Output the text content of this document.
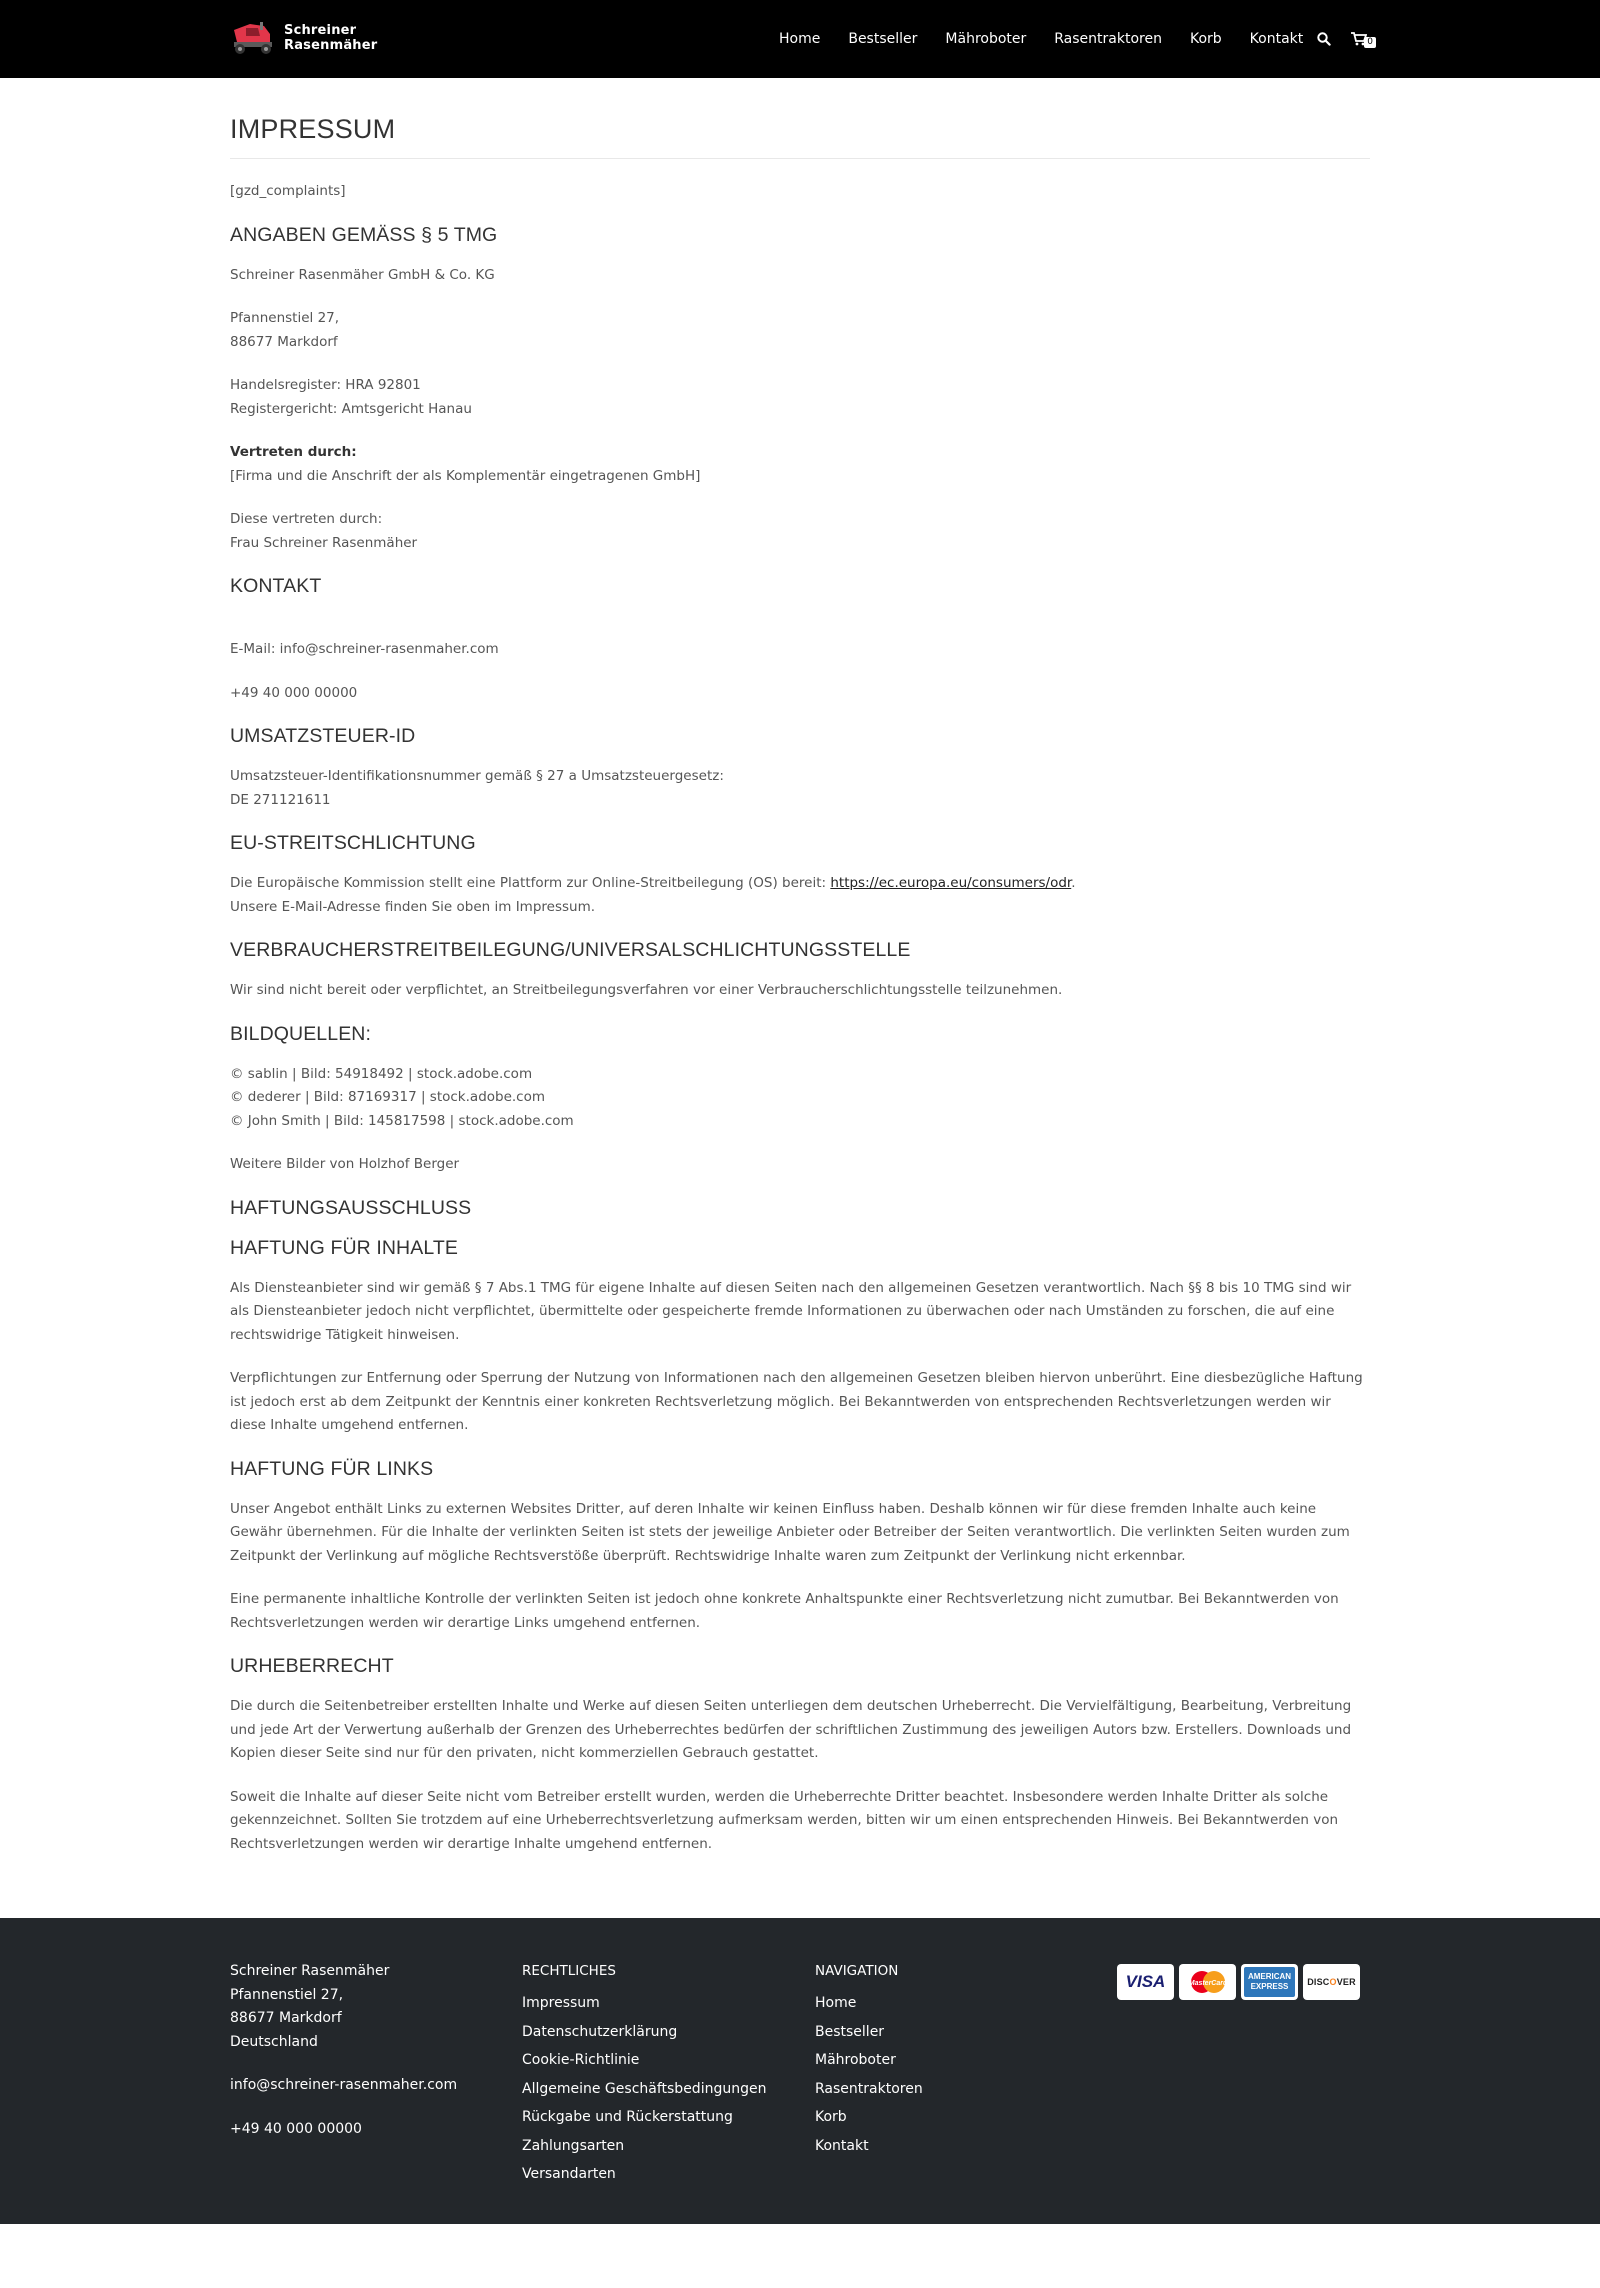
Schreiner
Rasenmäher	Home Bestseller Mähroboter Rasentraktoren Korb Kontakt	0
IMPRESSUM

[gzd_complaints]

ANGABEN GEMÄSS § 5 TMG

Schreiner Rasenmäher GmbH & Co. KG

Pfannenstiel 27,
88677 Markdorf

Handelsregister: HRA 92801
Registergericht: Amtsgericht Hanau

Vertreten durch:
[Firma und die Anschrift der als Komplementär eingetragenen GmbH]

Diese vertreten durch:
Frau Schreiner Rasenmäher

KONTAKT

E-Mail: info@schreiner-rasenmaher.com

+49 40 000 00000

UMSATZSTEUER-ID

Umsatzsteuer-Identifikationsnummer gemäß § 27 a Umsatzsteuergesetz:
DE 271121611

EU-STREITSCHLICHTUNG

Die Europäische Kommission stellt eine Plattform zur Online-Streitbeilegung (OS) bereit: https://ec.europa.eu/consumers/odr.
Unsere E-Mail-Adresse finden Sie oben im Impressum.

VERBRAUCHERSTREITBEILEGUNG/UNIVERSALSCHLICHTUNGSSTELLE

Wir sind nicht bereit oder verpflichtet, an Streitbeilegungsverfahren vor einer Verbraucherschlichtungsstelle teilzunehmen.

BILDQUELLEN:

© sablin | Bild: 54918492 | stock.adobe.com
© dederer | Bild: 87169317 | stock.adobe.com
© John Smith | Bild: 145817598 | stock.adobe.com

Weitere Bilder von Holzhof Berger

HAFTUNGSAUSSCHLUSS
HAFTUNG FÜR INHALTE

Als Diensteanbieter sind wir gemäß § 7 Abs.1 TMG für eigene Inhalte auf diesen Seiten nach den allgemeinen Gesetzen verantwortlich. Nach §§ 8 bis 10 TMG sind wir als Diensteanbieter jedoch nicht verpflichtet, übermittelte oder gespeicherte fremde Informationen zu überwachen oder nach Umständen zu forschen, die auf eine rechtswidrige Tätigkeit hinweisen.

Verpflichtungen zur Entfernung oder Sperrung der Nutzung von Informationen nach den allgemeinen Gesetzen bleiben hiervon unberührt. Eine diesbezügliche Haftung ist jedoch erst ab dem Zeitpunkt der Kenntnis einer konkreten Rechtsverletzung möglich. Bei Bekanntwerden von entsprechenden Rechtsverletzungen werden wir diese Inhalte umgehend entfernen.

HAFTUNG FÜR LINKS

Unser Angebot enthält Links zu externen Websites Dritter, auf deren Inhalte wir keinen Einfluss haben. Deshalb können wir für diese fremden Inhalte auch keine Gewähr übernehmen. Für die Inhalte der verlinkten Seiten ist stets der jeweilige Anbieter oder Betreiber der Seiten verantwortlich. Die verlinkten Seiten wurden zum Zeitpunkt der Verlinkung auf mögliche Rechtsverstöße überprüft. Rechtswidrige Inhalte waren zum Zeitpunkt der Verlinkung nicht erkennbar.

Eine permanente inhaltliche Kontrolle der verlinkten Seiten ist jedoch ohne konkrete Anhaltspunkte einer Rechtsverletzung nicht zumutbar. Bei Bekanntwerden von Rechtsverletzungen werden wir derartige Links umgehend entfernen.

URHEBERRECHT

Die durch die Seitenbetreiber erstellten Inhalte und Werke auf diesen Seiten unterliegen dem deutschen Urheberrecht. Die Vervielfältigung, Bearbeitung, Verbreitung und jede Art der Verwertung außerhalb der Grenzen des Urheberrechtes bedürfen der schriftlichen Zustimmung des jeweiligen Autors bzw. Erstellers. Downloads und Kopien dieser Seite sind nur für den privaten, nicht kommerziellen Gebrauch gestattet.

Soweit die Inhalte auf dieser Seite nicht vom Betreiber erstellt wurden, werden die Urheberrechte Dritter beachtet. Insbesondere werden Inhalte Dritter als solche gekennzeichnet. Sollten Sie trotzdem auf eine Urheberrechtsverletzung aufmerksam werden, bitten wir um einen entsprechenden Hinweis. Bei Bekanntwerden von Rechtsverletzungen werden wir derartige Inhalte umgehend entfernen.

Schreiner Rasenmäher

Pfannenstiel 27,

88677 Markdorf

Deutschland

info@schreiner-rasenmaher.com

+49 40 000 00000

RECHTLICHES
Impressum
Datenschutzerklärung
Cookie-Richtlinie
Allgemeine Geschäftsbedingungen
Rückgabe und Rückerstattung
Zahlungsarten
Versandarten
NAVIGATION
Home
Bestseller
Mähroboter
Rasentraktoren
Korb
Kontakt
VISA	MasterCard
AMERICAN
EXPRESS	DISC O VER
